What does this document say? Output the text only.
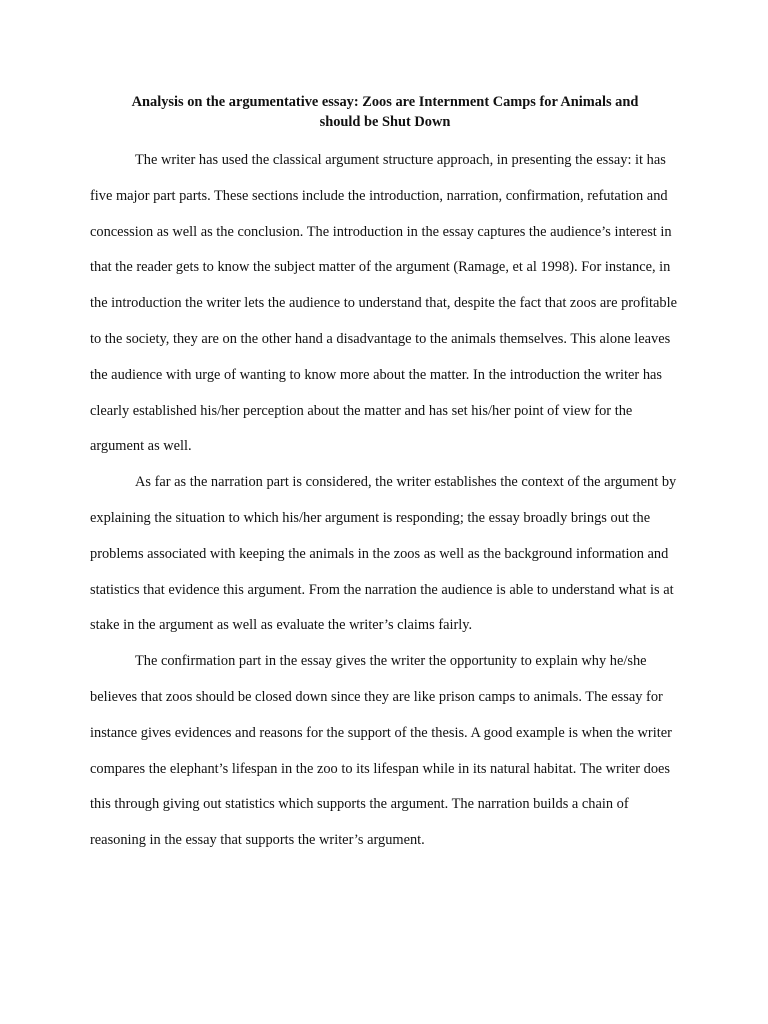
Analysis on the argumentative essay: Zoos are Internment Camps for Animals and
should be Shut Down

The writer has used the classical argument structure approach, in presenting the essay: it has five major part parts. These sections include the introduction, narration, confirmation, refutation and concession as well as the conclusion. The introduction in the essay captures the audience’s interest in that the reader gets to know the subject matter of the argument (Ramage, et al 1998). For instance, in the introduction the writer lets the audience to understand that, despite the fact that zoos are profitable to the society, they are on the other hand a disadvantage to the animals themselves. This alone leaves the audience with urge of wanting to know more about the matter. In the introduction the writer has clearly established his/her perception about the matter and has set his/her point of view for the argument as well.

As far as the narration part is considered, the writer establishes the context of the argument by explaining the situation to which his/her argument is responding; the essay broadly brings out the problems associated with keeping the animals in the zoos as well as the background information and statistics that evidence this argument. From the narration the audience is able to understand what is at stake in the argument as well as evaluate the writer’s claims fairly.

The confirmation part in the essay gives the writer the opportunity to explain why he/she believes that zoos should be closed down since they are like prison camps to animals. The essay for instance gives evidences and reasons for the support of the thesis. A good example is when the writer compares the elephant’s lifespan in the zoo to its lifespan while in its natural habitat. The writer does this through giving out statistics which supports the argument. The narration builds a chain of reasoning in the essay that supports the writer’s argument.
